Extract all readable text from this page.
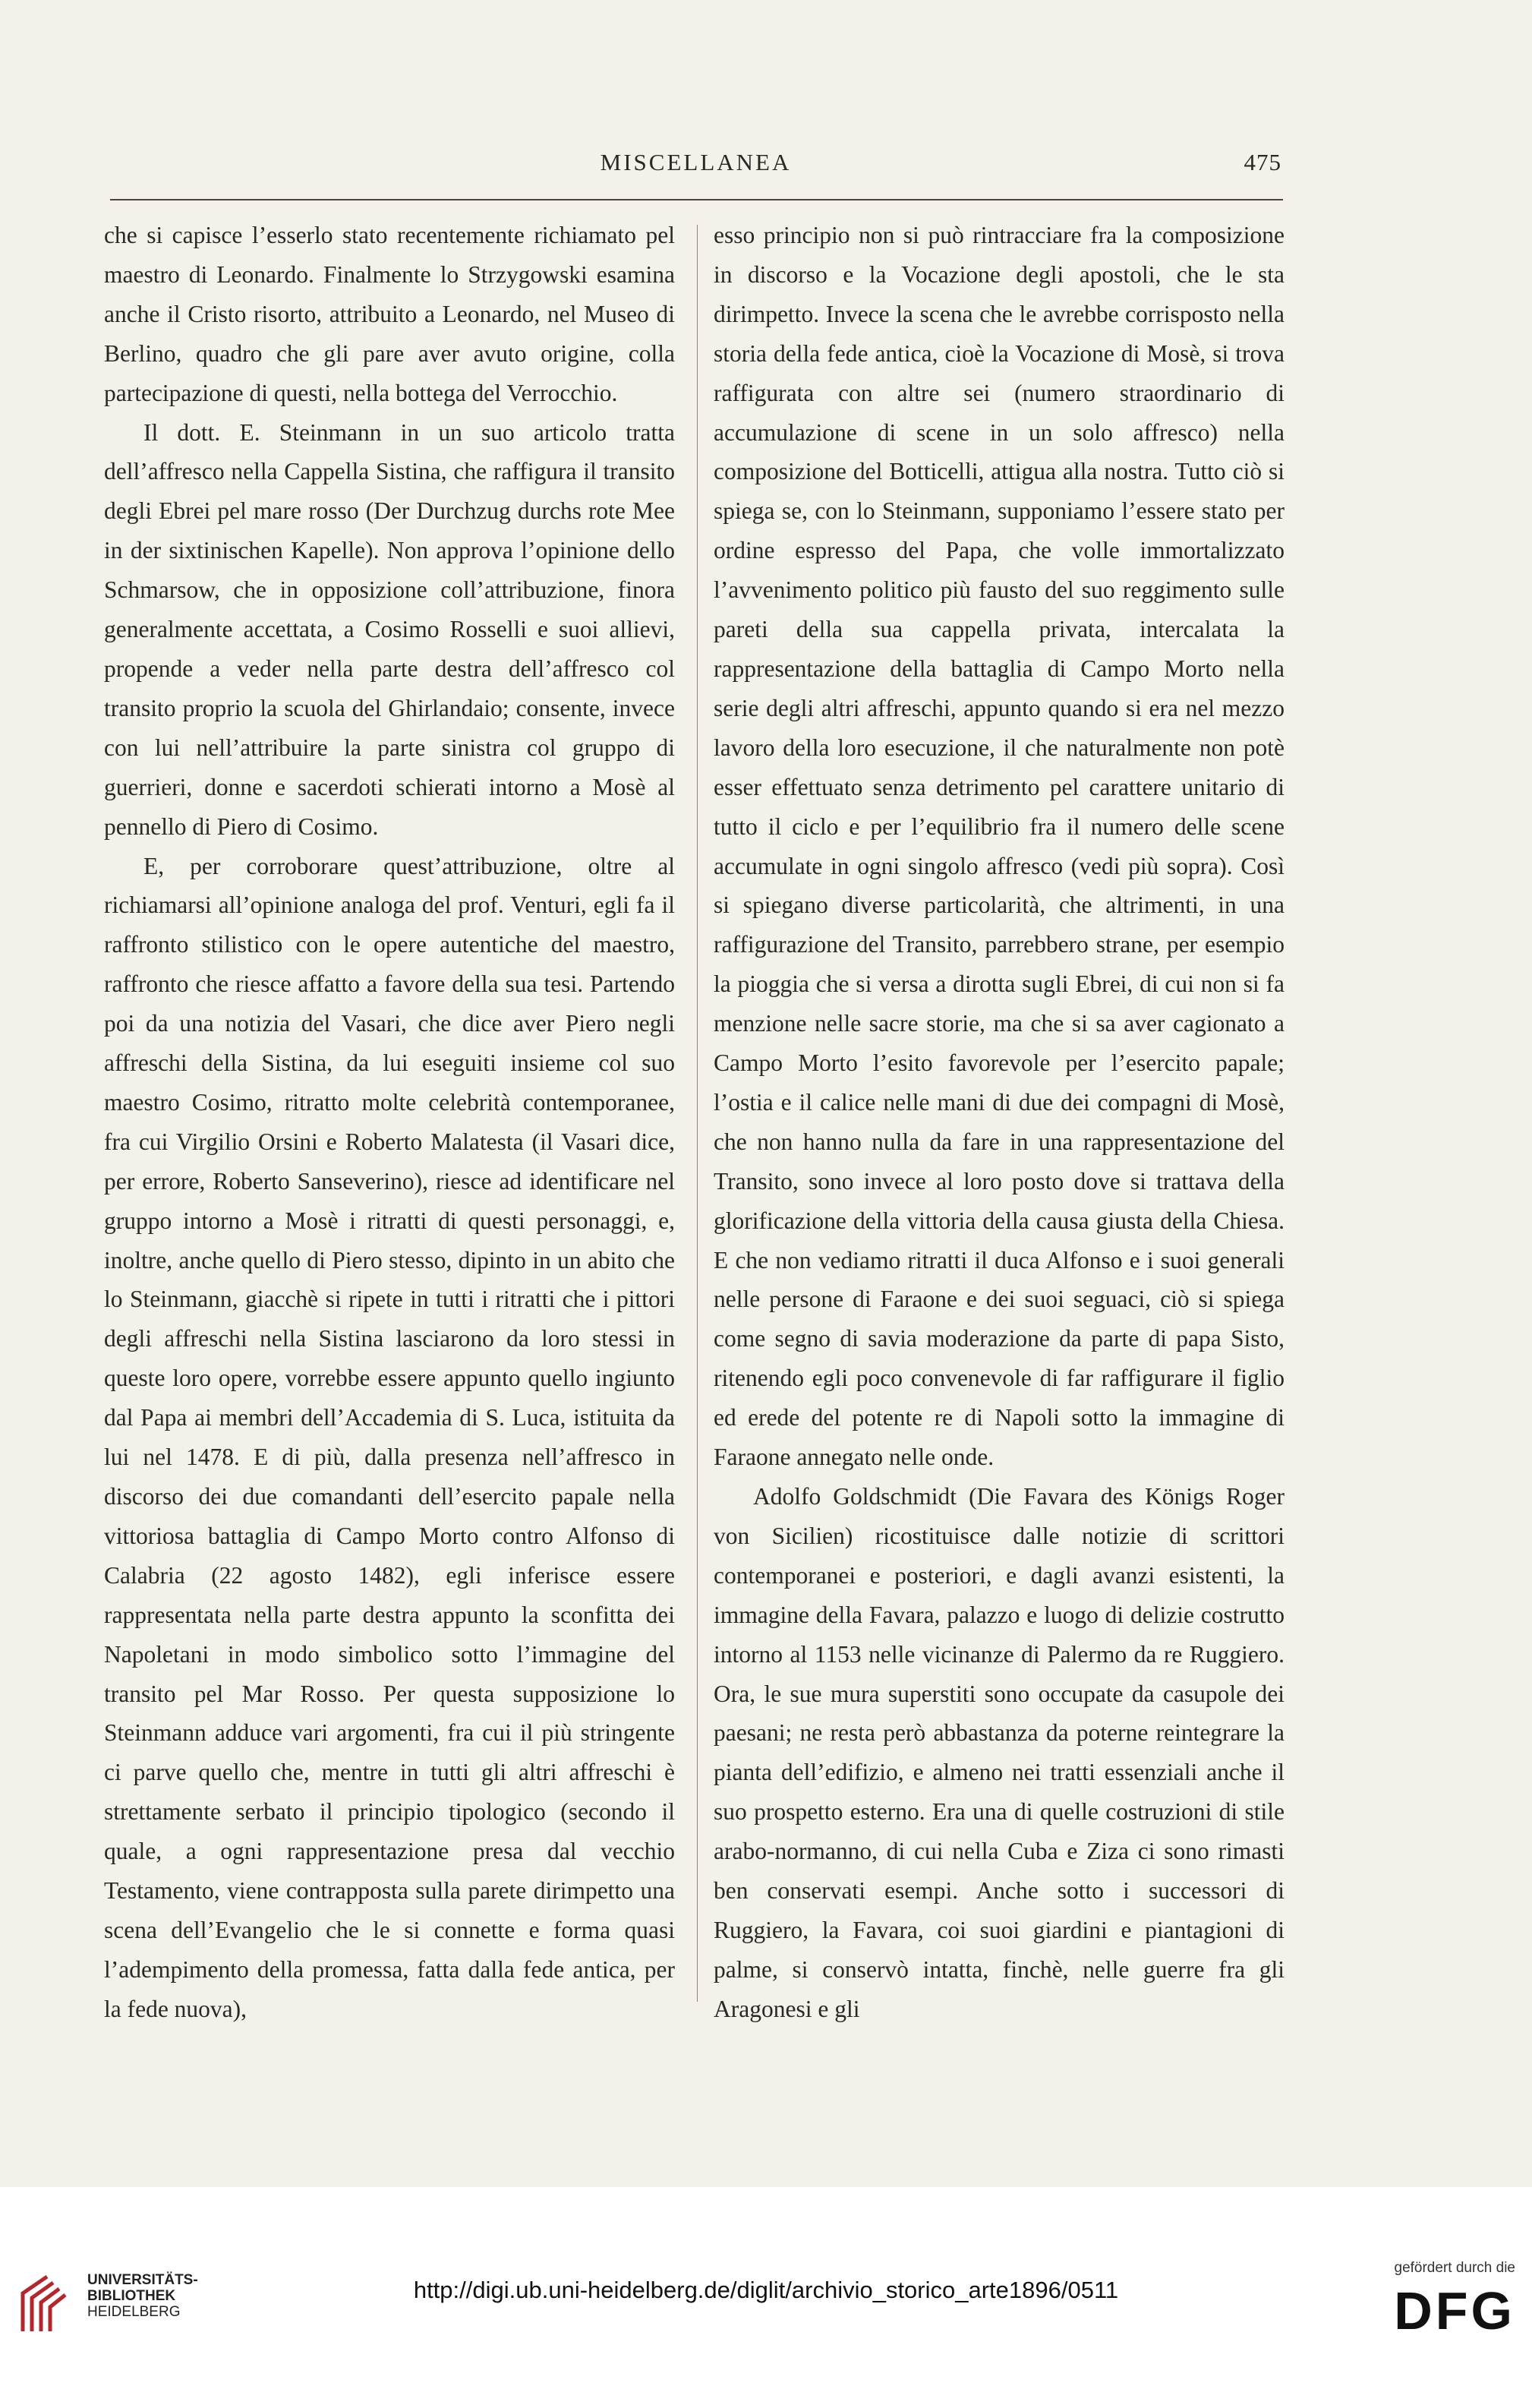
MISCELLANEA	475

che si capisce l’esserlo stato recentemente richiamato pel maestro di Leonardo. Finalmente lo Strzygowski esamina anche il Cristo risorto, attribuito a Leonardo, nel Museo di Berlino, quadro che gli pare aver avuto origine, colla partecipazione di questi, nella bottega del Verrocchio.

Il dott. E. Steinmann in un suo articolo tratta dell’affresco nella Cappella Sistina, che raffigura il transito degli Ebrei pel mare rosso (Der Durchzug durchs rote Mee in der sixtinischen Kapelle). Non approva l’opinione dello Schmarsow, che in opposizione coll’attribuzione, finora generalmente accettata, a Cosimo Rosselli e suoi allievi, propende a veder nella parte destra dell’affresco col transito proprio la scuola del Ghirlandaio; consente, invece con lui nell’attribuire la parte sinistra col gruppo di guerrieri, donne e sacerdoti schierati intorno a Mosè al pennello di Piero di Cosimo.

E, per corroborare quest’attribuzione, oltre al richiamarsi all’opinione analoga del prof. Venturi, egli fa il raffronto stilistico con le opere autentiche del maestro, raffronto che riesce affatto a favore della sua tesi. Partendo poi da una notizia del Vasari, che dice aver Piero negli affreschi della Sistina, da lui eseguiti insieme col suo maestro Cosimo, ritratto molte celebrità contemporanee, fra cui Virgilio Orsini e Roberto Malatesta (il Vasari dice, per errore, Roberto Sanseverino), riesce ad identificare nel gruppo intorno a Mosè i ritratti di questi personaggi, e, inoltre, anche quello di Piero stesso, dipinto in un abito che lo Steinmann, giacchè si ripete in tutti i ritratti che i pittori degli affreschi nella Sistina lasciarono da loro stessi in queste loro opere, vorrebbe essere appunto quello ingiunto dal Papa ai membri dell’Accademia di S. Luca, istituita da lui nel 1478. E di più, dalla presenza nell’affresco in discorso dei due comandanti dell’esercito papale nella vittoriosa battaglia di Campo Morto contro Alfonso di Calabria (22 agosto 1482), egli inferisce essere rappresentata nella parte destra appunto la sconfitta dei Napoletani in modo simbolico sotto l’immagine del transito pel Mar Rosso. Per questa supposizione lo Steinmann adduce vari argomenti, fra cui il più stringente ci parve quello che, mentre in tutti gli altri affreschi è strettamente serbato il principio tipologico (secondo il quale, a ogni rappresentazione presa dal vecchio Testamento, viene contrapposta sulla parete dirimpetto una scena dell’Evangelio che le si connette e forma quasi l’adempimento della promessa, fatta dalla fede antica, per la fede nuova),

esso principio non si può rintracciare fra la composizione in discorso e la Vocazione degli apostoli, che le sta dirimpetto. Invece la scena che le avrebbe corrisposto nella storia della fede antica, cioè la Vocazione di Mosè, si trova raffigurata con altre sei (numero straordinario di accumulazione di scene in un solo affresco) nella composizione del Botticelli, attigua alla nostra. Tutto ciò si spiega se, con lo Steinmann, supponiamo l’essere stato per ordine espresso del Papa, che volle immortalizzato l’avvenimento politico più fausto del suo reggimento sulle pareti della sua cappella privata, intercalata la rappresentazione della battaglia di Campo Morto nella serie degli altri affreschi, appunto quando si era nel mezzo lavoro della loro esecuzione, il che naturalmente non potè esser effettuato senza detrimento pel carattere unitario di tutto il ciclo e per l’equilibrio fra il numero delle scene accumulate in ogni singolo affresco (vedi più sopra). Così si spiegano diverse particolarità, che altrimenti, in una raffigurazione del Transito, parrebbero strane, per esempio la pioggia che si versa a dirotta sugli Ebrei, di cui non si fa menzione nelle sacre storie, ma che si sa aver cagionato a Campo Morto l’esito favorevole per l’esercito papale; l’ostia e il calice nelle mani di due dei compagni di Mosè, che non hanno nulla da fare in una rappresentazione del Transito, sono invece al loro posto dove si trattava della glorificazione della vittoria della causa giusta della Chiesa. E che non vediamo ritratti il duca Alfonso e i suoi generali nelle persone di Faraone e dei suoi seguaci, ciò si spiega come segno di savia moderazione da parte di papa Sisto, ritenendo egli poco convenevole di far raffigurare il figlio ed erede del potente re di Napoli sotto la immagine di Faraone annegato nelle onde.

Adolfo Goldschmidt (Die Favara des Königs Roger von Sicilien) ricostituisce dalle notizie di scrittori contemporanei e posteriori, e dagli avanzi esistenti, la immagine della Favara, palazzo e luogo di delizie costrutto intorno al 1153 nelle vicinanze di Palermo da re Ruggiero. Ora, le sue mura superstiti sono occupate da casupole dei paesani; ne resta però abbastanza da poterne reintegrare la pianta dell’edifizio, e almeno nei tratti essenziali anche il suo prospetto esterno. Era una di quelle costruzioni di stile arabo-normanno, di cui nella Cuba e Ziza ci sono rimasti ben conservati esempi. Anche sotto i successori di Ruggiero, la Favara, coi suoi giardini e piantagioni di palme, si conservò intatta, finchè, nelle guerre fra gli Aragonesi e gli

UNIVERSITÄTS-
BIBLIOTHEK
HEIDELBERG
http://digi.ub.uni-heidelberg.de/diglit/archivio_storico_arte1896/0511
gefördert durch die
DFG
